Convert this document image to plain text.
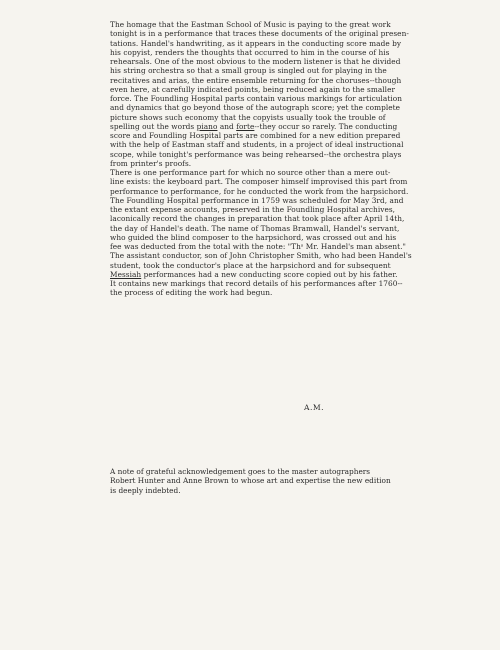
The homage that the Eastman School of Music is paying to the great work
tonight is in a performance that traces these documents of the original presen-
tations. Handel's handwriting, as it appears in the conducting score made by
his copyist, renders the thoughts that occurred to him in the course of his
rehearsals. One of the most obvious to the modern listener is that he divided
his string orchestra so that a small group is singled out for playing in the
recitatives and arias, the entire ensemble returning for the choruses--though
even here, at carefully indicated points, being reduced again to the smaller
force. The Foundling Hospital parts contain various markings for articulation
and dynamics that go beyond those of the autograph score; yet the complete
picture shows such economy that the copyists usually took the trouble of
spelling out the words piano and forte--they occur so rarely. The conducting
score and Foundling Hospital parts are combined for a new edition prepared
with the help of Eastman staff and students, in a project of ideal instructional
scope, while tonight's performance was being rehearsed--the orchestra plays
from printer's proofs.

There is one performance part for which no source other than a mere out-
line exists: the keyboard part. The composer himself improvised this part from
performance to performance, for he conducted the work from the harpsichord.
The Foundling Hospital performance in 1759 was scheduled for May 3rd, and
the extant expense accounts, preserved in the Foundling Hospital archives,
laconically record the changes in preparation that took place after April 14th,
the day of Handel's death. The name of Thomas Bramwall, Handel's servant,
who guided the blind composer to the harpsichord, was crossed out and his
fee was deducted from the total with the note: "Thˢ Mr. Handel's man absent."
The assistant conductor, son of John Christopher Smith, who had been Handel's
student, took the conductor's place at the harpsichord and for subsequent
Messiah performances had a new conducting score copied out by his father.
It contains new markings that record details of his performances after 1760--
the process of editing the work had begun.

A.M.

A note of grateful acknowledgement goes to the master autographers
Robert Hunter and Anne Brown to whose art and expertise the new edition
is deeply indebted.
